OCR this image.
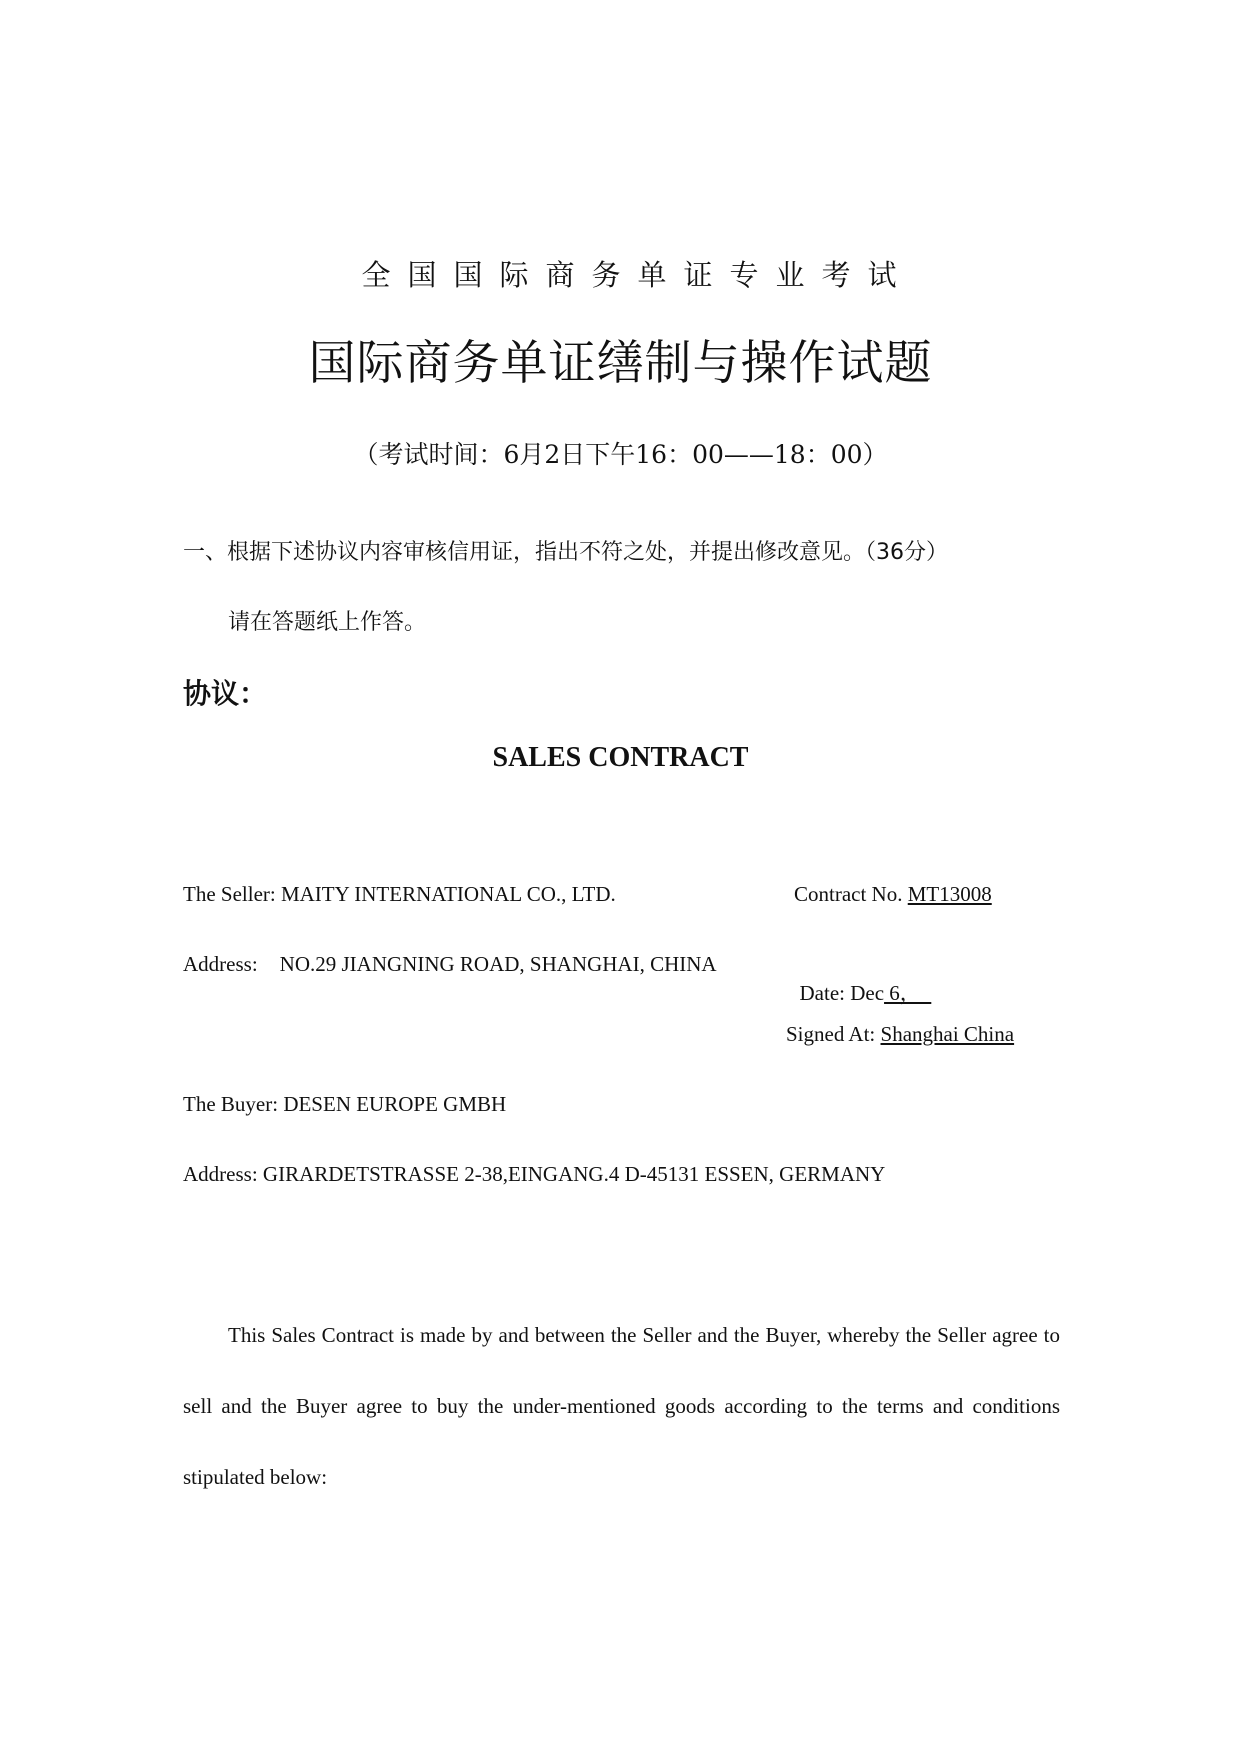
全国国际商务单证专业考试
国际商务单证缮制与操作试题
（考试时间：6月2日下午16：00——18：00）
一、根据下述协议内容审核信用证，指出不符之处，并提出修改意见。（36分）
请在答题纸上作答。
协议：
SALES CONTRACT
The Seller: MAITY INTERNATIONAL CO., LTD.	Contract No. MT13008
Address: NO.29 JIANGNING ROAD, SHANGHAI, CHINA

Date: Dec 6，

Signed At: Shanghai China
The Buyer: DESEN EUROPE GMBH
Address: GIRARDETSTRASSE 2-38,EINGANG.4 D-45131 ESSEN, GERMANY
This Sales Contract is made by and between the Seller and the Buyer, whereby the Seller agree to sell and the Buyer agree to buy the under-mentioned goods according to the terms and conditions stipulated below:
